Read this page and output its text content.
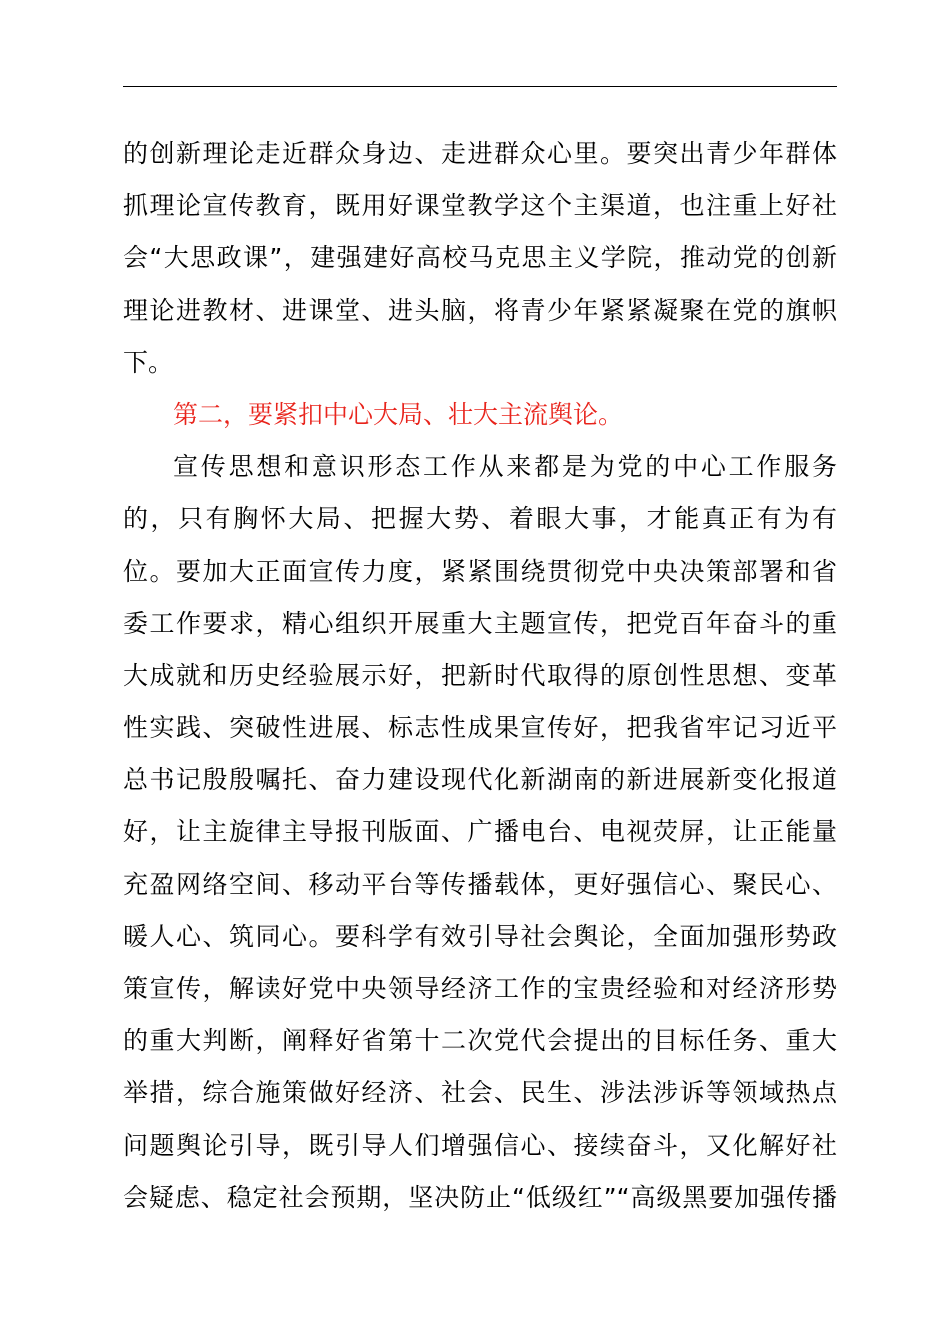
的创新理论走近群众身边、走进群众心里。要突出青少年群体
抓理论宣传教育，既用好课堂教学这个主渠道，也注重上好社
会“大思政课”，建强建好高校马克思主义学院，推动党的创新
理论进教材、进课堂、进头脑，将青少年紧紧凝聚在党的旗帜
下。
第二，要紧扣中心大局、壮大主流舆论。
宣传思想和意识形态工作从来都是为党的中心工作服务
的，只有胸怀大局、把握大势、着眼大事，才能真正有为有
位。要加大正面宣传力度，紧紧围绕贯彻党中央决策部署和省
委工作要求，精心组织开展重大主题宣传，把党百年奋斗的重
大成就和历史经验展示好，把新时代取得的原创性思想、变革
性实践、突破性进展、标志性成果宣传好，把我省牢记习近平
总书记殷殷嘱托、奋力建设现代化新湖南的新进展新变化报道
好，让主旋律主导报刊版面、广播电台、电视荧屏，让正能量
充盈网络空间、移动平台等传播载体，更好强信心、聚民心、
暖人心、筑同心。要科学有效引导社会舆论，全面加强形势政
策宣传，解读好党中央领导经济工作的宝贵经验和对经济形势
的重大判断，阐释好省第十二次党代会提出的目标任务、重大
举措，综合施策做好经济、社会、民生、涉法涉诉等领域热点
问题舆论引导，既引导人们增强信心、接续奋斗，又化解好社
会疑虑、稳定社会预期，坚决防止“低级红”“高级黑要加强传播
